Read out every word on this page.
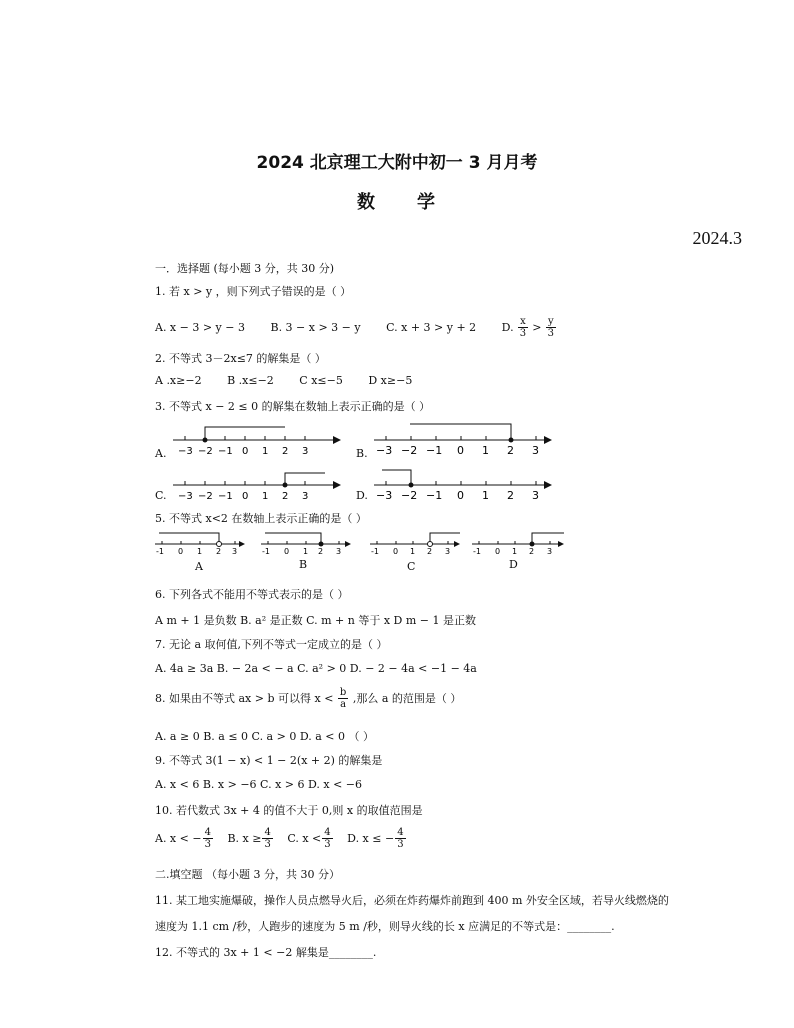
2024 北京理工大附中初一 3 月月考
数　　学
2024.3
一．选择题 (每小题 3 分，共 30 分)
1. 若 x > y ，则下列式子错误的是（ ）
A. x − 3 > y − 3 B. 3 − x > 3 − y C. x + 3 > y + 2 D. $\frac{x}{3} > \frac{y}{3}$
2. 不等式 3－2x≤7 的解集是（ ）
A .x≥−2 B .x≤−2 C x≤−5 D x≥−5
3. 不等式 x − 2 ≤ 0 的解集在数轴上表示正确的是（ ）
A.	B.
C.	D.
−3 −2 −1 0 1 2 3	−3 −2 −1 0 1 2 3
−3 −2 −1 0 1 2 3	−3 −2 −1 0 1 2 3
5. 不等式 x<2 在数轴上表示正确的是（ ）
-1 0 1 2 3	-1 0 1 2 3	-1 0 1 2 3	-1 0 1 2 3
A	B	C	D
6. 下列各式不能用不等式表示的是（ ）
A m + 1 是负数 B. a² 是正数 C. m + n 等于 x D m − 1 是正数
7. 无论 a 取何值,下列不等式一定成立的是（ ）
A. 4a ≥ 3a B. − 2a < − a C. a² > 0 D. − 2 − 4a < −1 − 4a
8. 如果由不等式 ax > b 可以得 $x < \frac{b}{a}$ ,那么 a 的范围是（ ）
A. a ≥ 0 B. a ≤ 0 C. a > 0 D. a < 0 （ ）
9. 不等式 3(1 − x) < 1 − 2(x + 2) 的解集是
A. x < 6 B. x > −6 C. x > 6 D. x < −6
10. 若代数式 3x + 4 的值不大于 0,则 x 的取值范围是
A. x < − $\frac{4}{3} B$. $x \ge \frac{4}{3} C$. $x < \frac{4}{3} D$. x ≤ − $\frac{4}{3}$
二.填空题 （每小题 3 分，共 30 分）
11. 某工地实施爆破，操作人员点燃导火后，必须在炸药爆炸前跑到 400 m 外安全区域，若导火线燃烧的
速度为 1.1 cm /秒，人跑步的速度为 5 m /秒，则导火线的长 x 应满足的不等式是：________.
12. 不等式的 3x + 1 < −2 解集是________.
